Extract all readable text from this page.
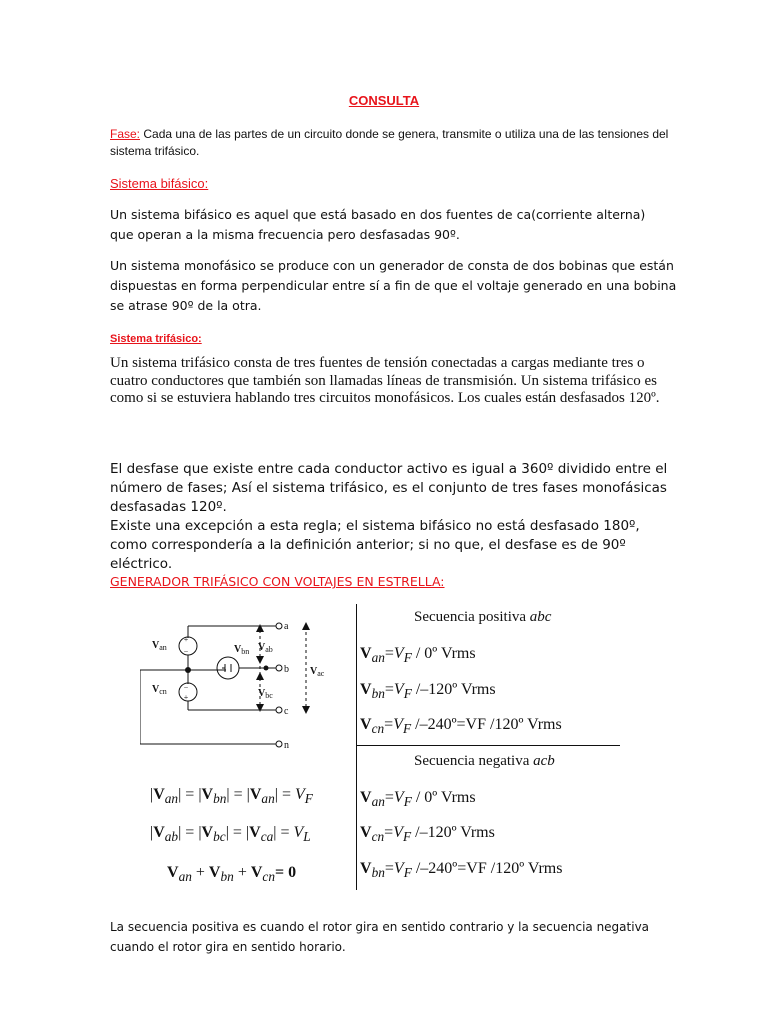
CONSULTA

Fase: Cada una de las partes de un circuito donde se genera, transmite o utiliza una de las tensiones del sistema trifásico.

Sistema bifásico:

Un sistema bifásico es aquel que está basado en dos fuentes de ca(corriente alterna) que operan a la misma frecuencia pero desfasadas 90º.

Un sistema monofásico se produce con un generador de consta de dos bobinas que están dispuestas en forma perpendicular entre sí a fin de que el voltaje generado en una bobina se atrase 90º de la otra.

Sistema trifásico:

Un sistema trifásico consta de tres fuentes de tensión conectadas a cargas mediante tres o cuatro conductores que también son llamadas líneas de transmisión. Un sistema trifásico es como si se estuviera hablando tres circuitos monofásicos. Los cuales están desfasados 120º.

El desfase que existe entre cada conductor activo es igual a 360º dividido entre el número de fases; Así el sistema trifásico, es el conjunto de tres fases monofásicas desfasadas 120º.

Existe una excepción a esta regla; el sistema bifásico no está desfasado 180º, como correspondería a la definición anterior; si no que, el desfase es de 90º eléctrico.

GENERADOR TRIFÁSICO CON VOLTAJES EN ESTRELLA:
+
−
−
+
$V_{an}$	$V_{bn}$
$V_{cn}$
$V_{ab}$
$V_{bc}$
$V_{ac}$
a
b
c
n
$|V_{an}| = |V_{bn}| = |V_{an}| = V_F$
$|V_{ab}| = |V_{bc}| = |V_{ca}| = V_L$
$V_{an} + V_{bn} + V_{cn}= 0$
Secuencia positiva abc
$V_{an}=V_F$ / 0º Vrms
$V_{bn}=V_F$ /–120º Vrms
$V_{cn}=V_F$ /–240º=VF /120º Vrms
Secuencia negativa acb
$V_{an}=V_F$ / 0º Vrms
$V_{cn}=V_F$ /–120º Vrms
$V_{bn}=V_F$ /–240º=VF /120º Vrms

La secuencia positiva es cuando el rotor gira en sentido contrario y la secuencia negativa cuando el rotor gira en sentido horario.
